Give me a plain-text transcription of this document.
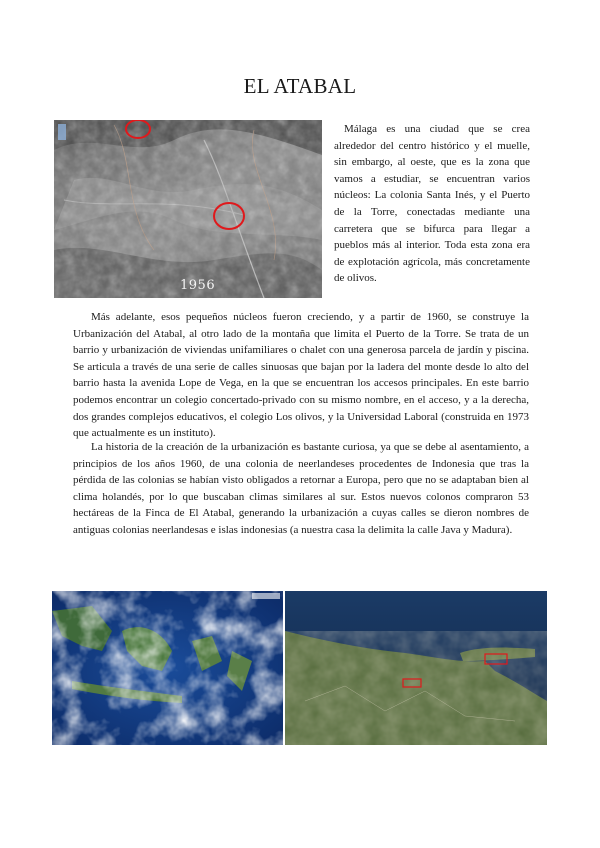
EL ATABAL
1956

Málaga es una ciudad que se crea alrededor del centro histórico y el muelle, sin embargo, al oeste, que es la zona que vamos a estudiar, se encuentran varios núcleos: La colonia Santa Inés, y el Puerto de la Torre, conectadas mediante una carretera que se bifurca para llegar a pueblos más al interior. Toda esta zona era de explotación agrícola, más concretamente de olivos.

Más adelante, esos pequeños núcleos fueron creciendo, y a partir de 1960, se construye la Urbanización del Atabal, al otro lado de la montaña que limita el Puerto de la Torre. Se trata de un barrio y urbanización de viviendas unifamiliares o chalet con una generosa parcela de jardín y piscina. Se articula a través de una serie de calles sinuosas que bajan por la ladera del monte desde lo alto del barrio hasta la avenida Lope de Vega, en la que se encuentran los accesos principales. En este barrio podemos encontrar un colegio concertado-privado con su mismo nombre, en el acceso, y a la derecha, dos grandes complejos educativos, el colegio Los olivos, y la Universidad Laboral (construida en 1973 que actualmente es un instituto).

La historia de la creación de la urbanización es bastante curiosa, ya que se debe al asentamiento, a principios de los años 1960, de una colonia de neerlandeses procedentes de Indonesia que tras la pérdida de las colonias se habían visto obligados a retornar a Europa, pero que no se adaptaban bien al clima holandés, por lo que buscaban climas similares al sur. Estos nuevos colonos compraron 53 hectáreas de la Finca de El Atabal, generando la urbanización a cuyas calles se dieron nombres de antiguas colonias neerlandesas e islas indonesias (a nuestra casa la delimita la calle Java y Madura).
